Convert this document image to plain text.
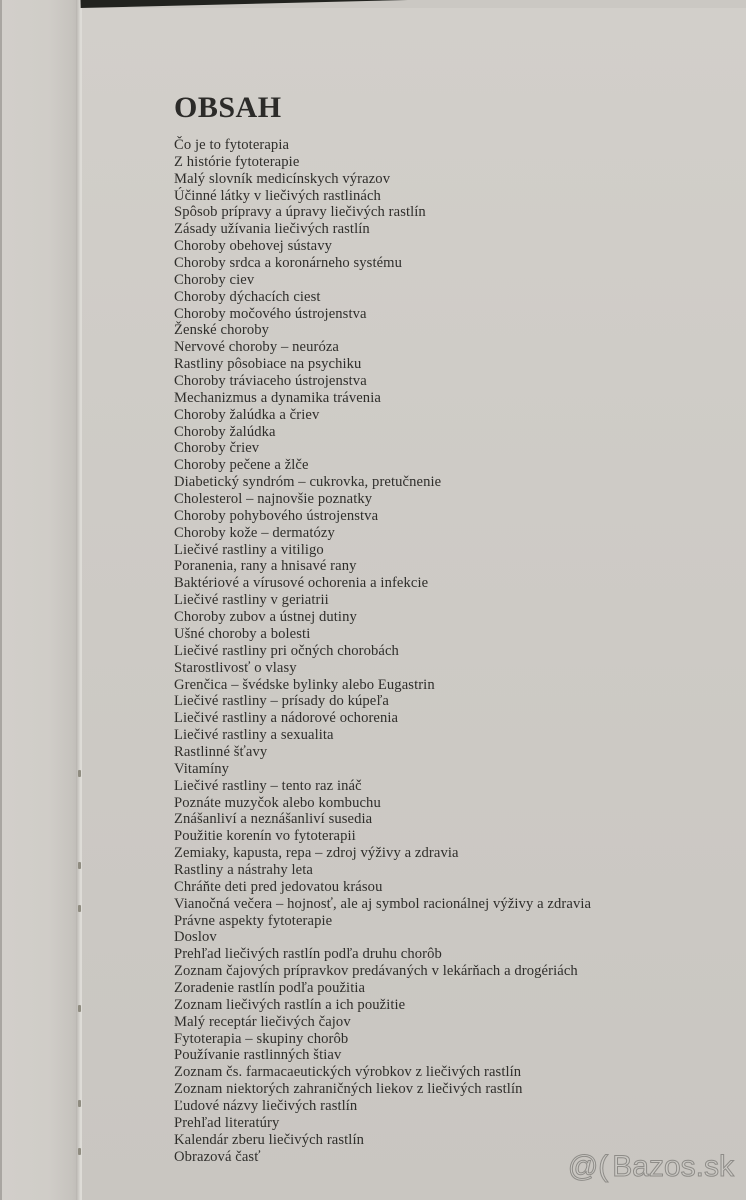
OBSAH
Čo je to fytoterapia
Z histórie fytoterapie
Malý slovník medicínskych výrazov
Účinné látky v liečivých rastlinách
Spôsob prípravy a úpravy liečivých rastlín
Zásady užívania liečivých rastlín
Choroby obehovej sústavy
Choroby srdca a koronárneho systému
Choroby ciev
Choroby dýchacích ciest
Choroby močového ústrojenstva
Ženské choroby
Nervové choroby – neuróza
Rastliny pôsobiace na psychiku
Choroby tráviaceho ústrojenstva
Mechanizmus a dynamika trávenia
Choroby žalúdka a čriev
Choroby žalúdka
Choroby čriev
Choroby pečene a žlče
Diabetický syndróm – cukrovka, pretučnenie
Cholesterol – najnovšie poznatky
Choroby pohybového ústrojenstva
Choroby kože – dermatózy
Liečivé rastliny a vitiligo
Poranenia, rany a hnisavé rany
Baktériové a vírusové ochorenia a infekcie
Liečivé rastliny v geriatrii
Choroby zubov a ústnej dutiny
Ušné choroby a bolesti
Liečivé rastliny pri očných chorobách
Starostlivosť o vlasy
Grenčica – švédske bylinky alebo Eugastrin
Liečivé rastliny – prísady do kúpeľa
Liečivé rastliny a nádorové ochorenia
Liečivé rastliny a sexualita
Rastlinné šťavy
Vitamíny
Liečivé rastliny – tento raz ináč
Poznáte muzyčok alebo kombuchu
Znášanliví a neznášanliví susedia
Použitie korenín vo fytoterapii
Zemiaky, kapusta, repa – zdroj výživy a zdravia
Rastliny a nástrahy leta
Chráňte deti pred jedovatou krásou
Vianočná večera – hojnosť, ale aj symbol racionálnej výživy a zdravia
Právne aspekty fytoterapie
Doslov
Prehľad liečivých rastlín podľa druhu chorôb
Zoznam čajových prípravkov predávaných v lekárňach a drogériách
Zoradenie rastlín podľa použitia
Zoznam liečivých rastlín a ich použitie
Malý receptár liečivých čajov
Fytoterapia – skupiny chorôb
Používanie rastlinných štiav
Zoznam čs. farmacaeutických výrobkov z liečivých rastlín
Zoznam niektorých zahraničných liekov z liečivých rastlín
Ľudové názvy liečivých rastlín
Prehľad literatúry
Kalendár zberu liečivých rastlín
Obrazová časť	@( Bazos.sk
